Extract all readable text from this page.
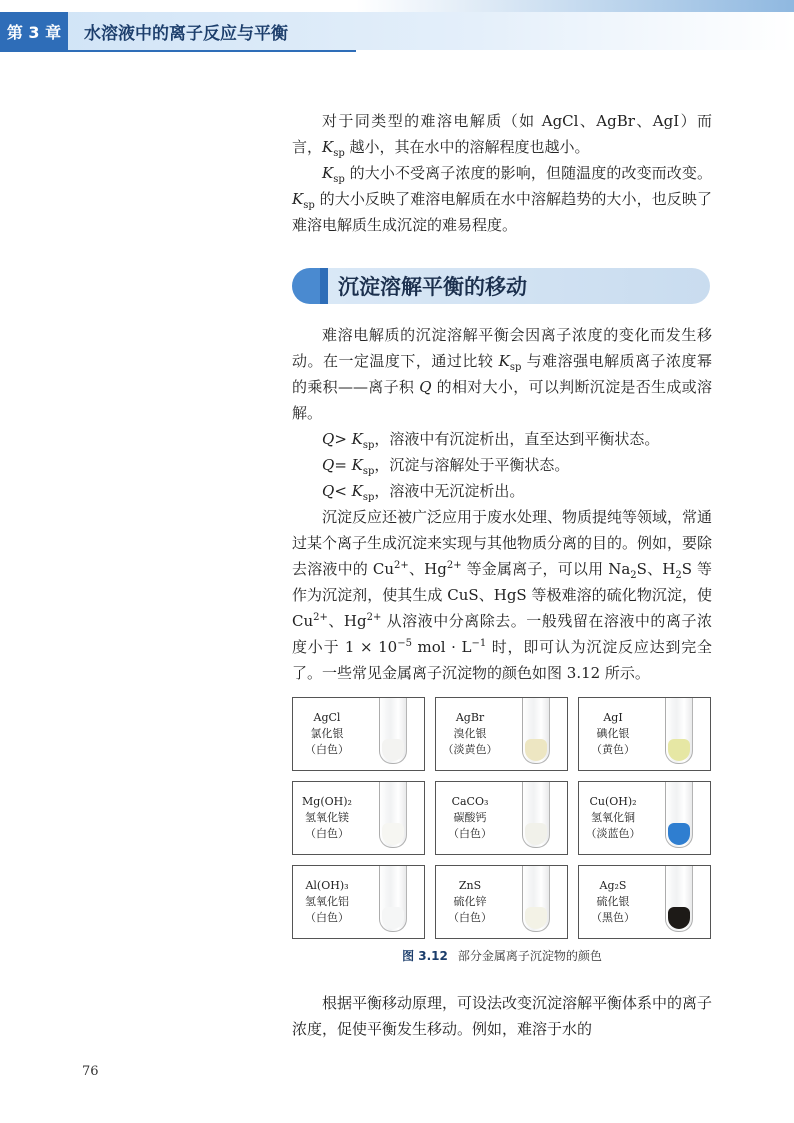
第 3 章	水溶液中的离子反应与平衡

对于同类型的难溶电解质（如 AgCl、AgBr、AgI）而言，$K_{sp}$ 越小，其在水中的溶解程度也越小。

$K_{sp}$ 的大小不受离子浓度的影响，但随温度的改变而改变。$K_{sp}$ 的大小反映了难溶电解质在水中溶解趋势的大小，也反映了难溶电解质生成沉淀的难易程度。

沉淀溶解平衡的移动

难溶电解质的沉淀溶解平衡会因离子浓度的变化而发生移动。在一定温度下，通过比较 $K_{sp}$ 与难溶强电解质离子浓度幂的乘积——离子积 Q 的相对大小，可以判断沉淀是否生成或溶解。

$Q> K_{sp}$，溶液中有沉淀析出，直至达到平衡状态。

$Q= K_{sp}$，沉淀与溶解处于平衡状态。

$Q< K_{sp}$，溶液中无沉淀析出。

沉淀反应还被广泛应用于废水处理、物质提纯等领域，常通过某个离子生成沉淀来实现与其他物质分离的目的。例如，要除去溶液中的 $Cu^{2+}$、$Hg^{2+}$ 等金属离子，可以用 $Na_2S$、$H_2S$ 等作为沉淀剂，使其生成 CuS、HgS 等极难溶的硫化物沉淀，使 $Cu^{2+}$、$Hg^{2+}$ 从溶液中分离除去。一般残留在溶液中的离子浓度小于 $1 \times 10^{-5}$ mol · $L^{-1}$ 时，即可认为沉淀反应达到完全了。一些常见金属离子沉淀物的颜色如图 3.12 所示。

AgCl
氯化银
（白色）
AgBr
溴化银
（淡黄色）
AgI
碘化银
（黄色）
Mg(OH)₂
氢氧化镁
（白色）
CaCO₃
碳酸钙
（白色）
Cu(OH)₂
氢氧化铜
（淡蓝色）
Al(OH)₃
氢氧化铝
（白色）
ZnS
硫化锌
（白色）
Ag₂S
硫化银
（黑色）
图 3.12 部分金属离子沉淀物的颜色

根据平衡移动原理，可设法改变沉淀溶解平衡体系中的离子浓度，促使平衡发生移动。例如，难溶于水的

76
